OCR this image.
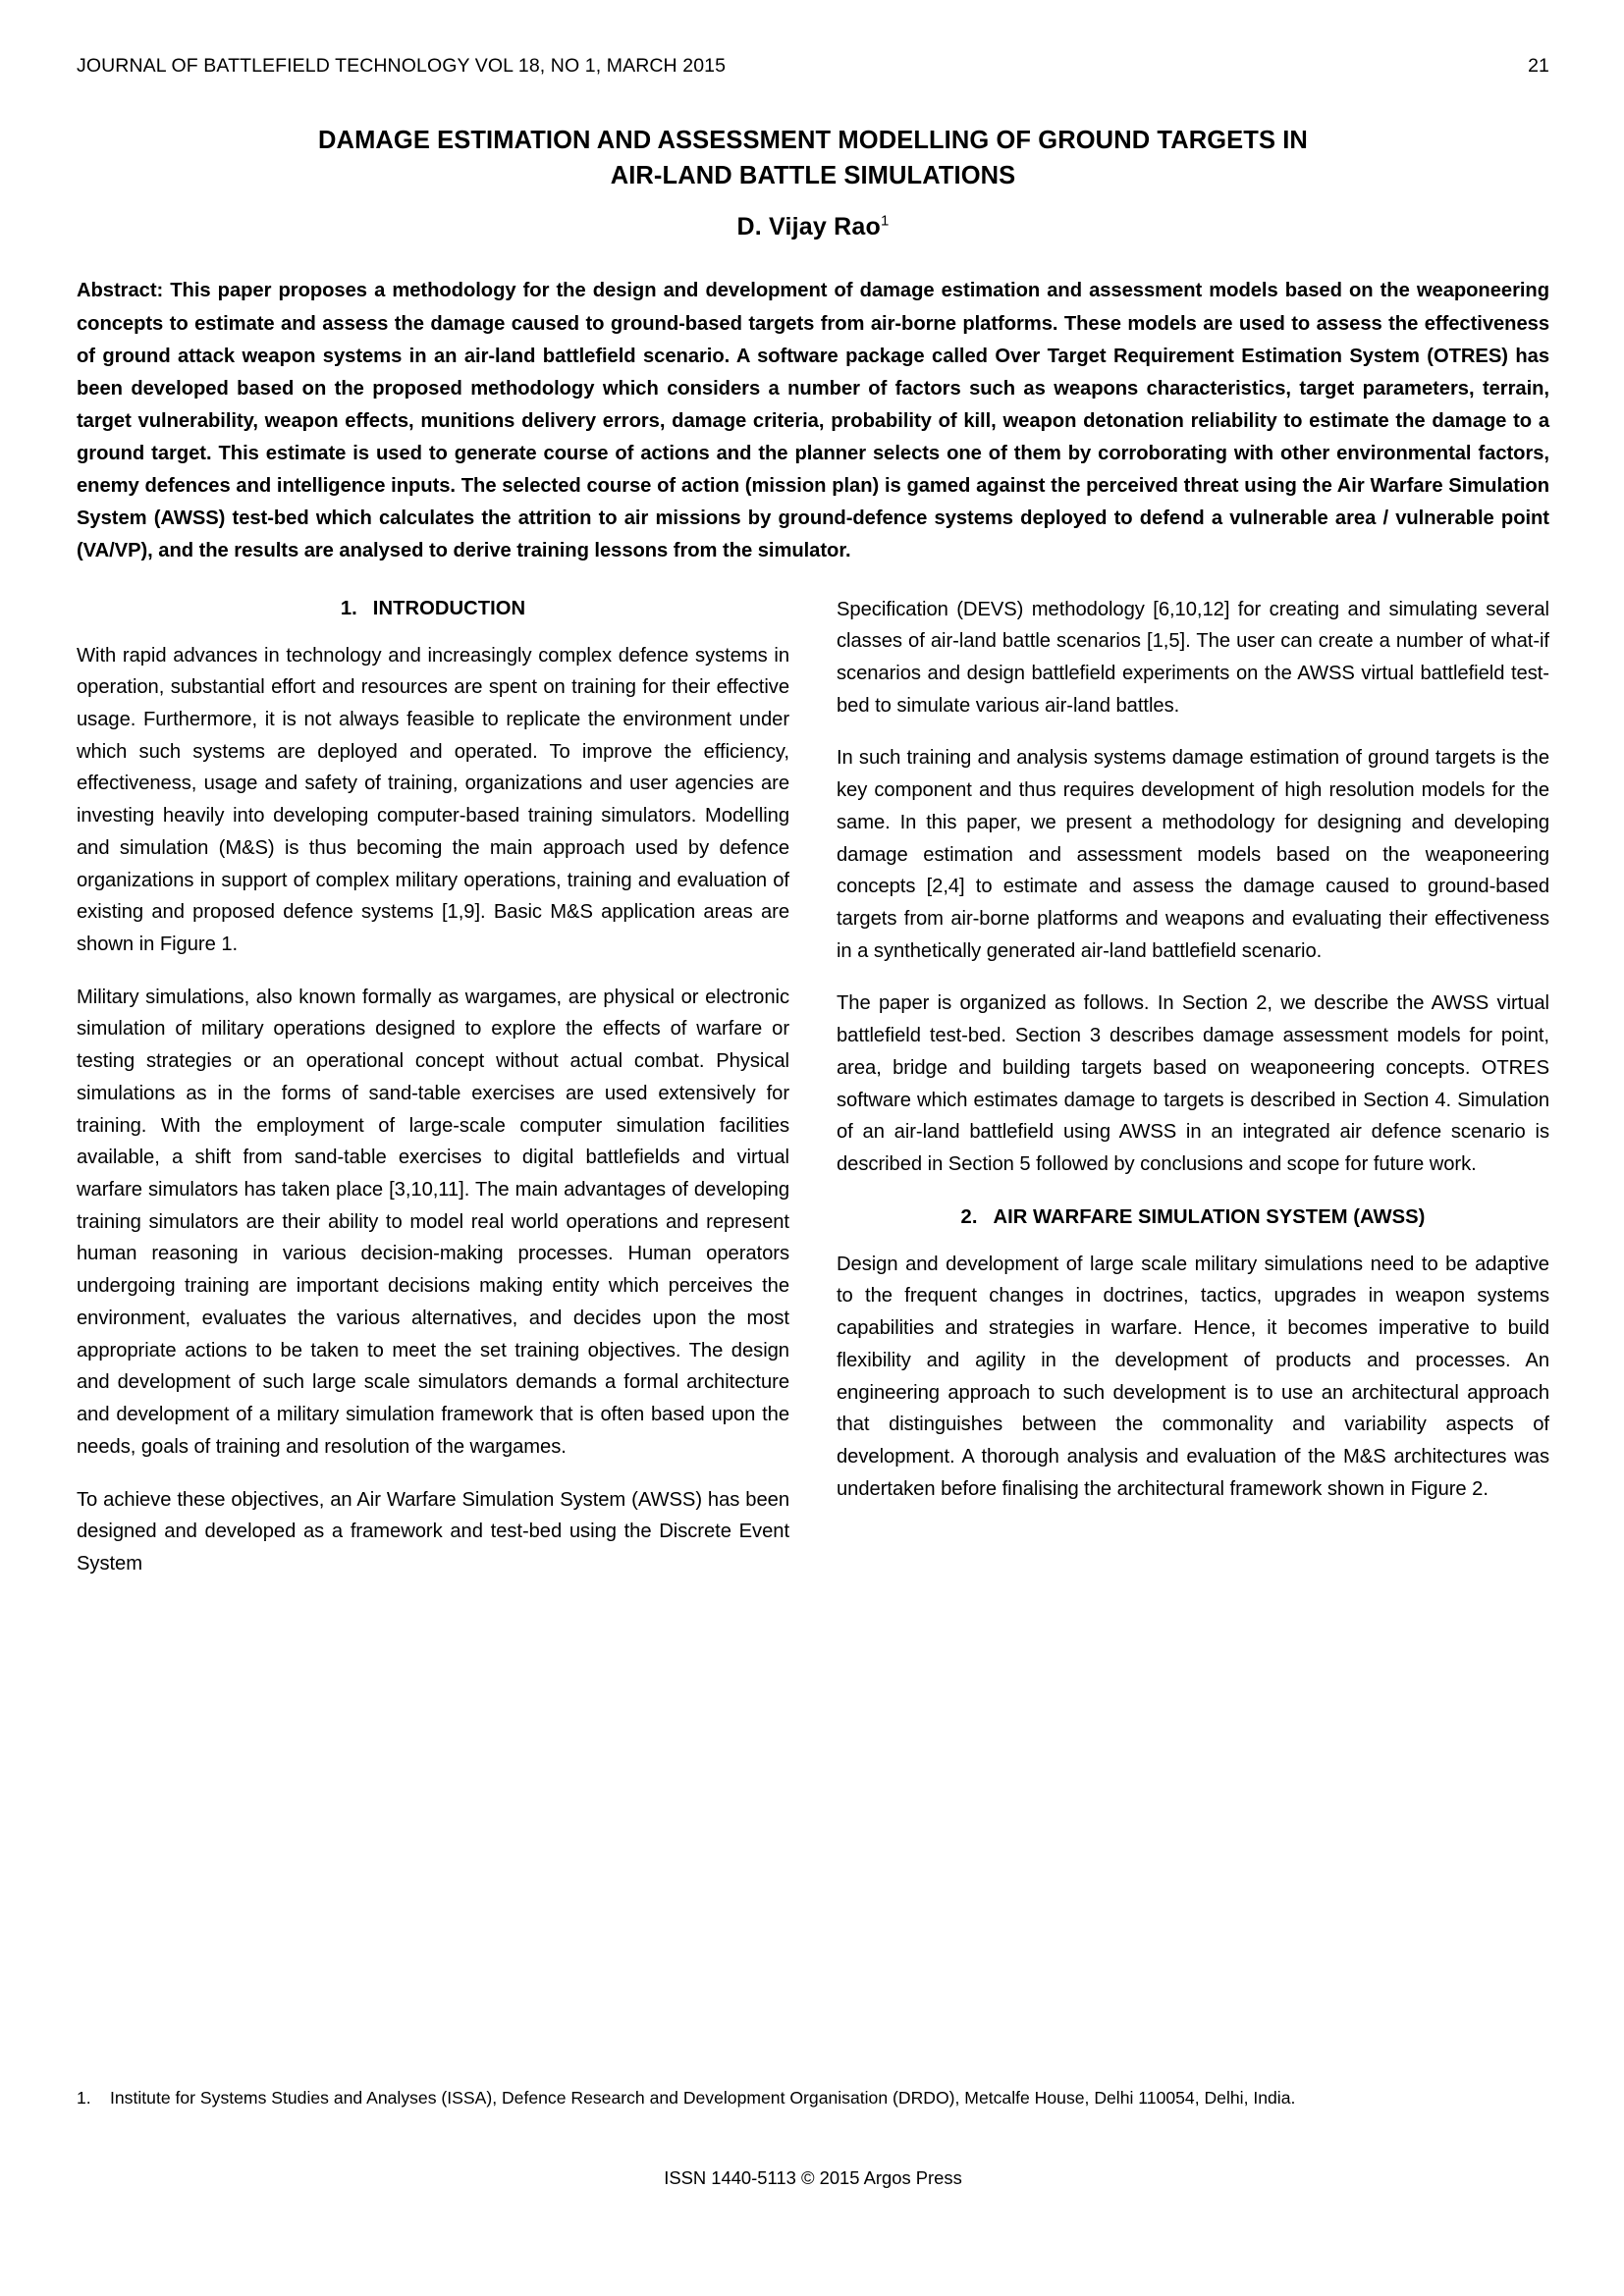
JOURNAL OF BATTLEFIELD TECHNOLOGY VOL 18, NO 1, MARCH 2015	21
DAMAGE ESTIMATION AND ASSESSMENT MODELLING OF GROUND TARGETS IN
AIR-LAND BATTLE SIMULATIONS
D. Vijay Rao$^1$
Abstract: This paper proposes a methodology for the design and development of damage estimation and assessment models based on the weaponeering concepts to estimate and assess the damage caused to ground-based targets from air-borne platforms. These models are used to assess the effectiveness of ground attack weapon systems in an air-land battlefield scenario. A software package called Over Target Requirement Estimation System (OTRES) has been developed based on the proposed methodology which considers a number of factors such as weapons characteristics, target parameters, terrain, target vulnerability, weapon effects, munitions delivery errors, damage criteria, probability of kill, weapon detonation reliability to estimate the damage to a ground target. This estimate is used to generate course of actions and the planner selects one of them by corroborating with other environmental factors, enemy defences and intelligence inputs. The selected course of action (mission plan) is gamed against the perceived threat using the Air Warfare Simulation System (AWSS) test-bed which calculates the attrition to air missions by ground-defence systems deployed to defend a vulnerable area / vulnerable point (VA/VP), and the results are analysed to derive training lessons from the simulator.
1. INTRODUCTION

With rapid advances in technology and increasingly complex defence systems in operation, substantial effort and resources are spent on training for their effective usage. Furthermore, it is not always feasible to replicate the environment under which such systems are deployed and operated. To improve the efficiency, effectiveness, usage and safety of training, organizations and user agencies are investing heavily into developing computer-based training simulators. Modelling and simulation (M&S) is thus becoming the main approach used by defence organizations in support of complex military operations, training and evaluation of existing and proposed defence systems [1,9]. Basic M&S application areas are shown in Figure 1.

Military simulations, also known formally as wargames, are physical or electronic simulation of military operations designed to explore the effects of warfare or testing strategies or an operational concept without actual combat. Physical simulations as in the forms of sand-table exercises are used extensively for training. With the employment of large-scale computer simulation facilities available, a shift from sand-table exercises to digital battlefields and virtual warfare simulators has taken place [3,10,11]. The main advantages of developing training simulators are their ability to model real world operations and represent human reasoning in various decision-making processes. Human operators undergoing training are important decisions making entity which perceives the environment, evaluates the various alternatives, and decides upon the most appropriate actions to be taken to meet the set training objectives. The design and development of such large scale simulators demands a formal architecture and development of a military simulation framework that is often based upon the needs, goals of training and resolution of the wargames.

To achieve these objectives, an Air Warfare Simulation System (AWSS) has been designed and developed as a framework and test-bed using the Discrete Event System

Specification (DEVS) methodology [6,10,12] for creating and simulating several classes of air-land battle scenarios [1,5]. The user can create a number of what-if scenarios and design battlefield experiments on the AWSS virtual battlefield test-bed to simulate various air-land battles.

In such training and analysis systems damage estimation of ground targets is the key component and thus requires development of high resolution models for the same. In this paper, we present a methodology for designing and developing damage estimation and assessment models based on the weaponeering concepts [2,4] to estimate and assess the damage caused to ground-based targets from air-borne platforms and weapons and evaluating their effectiveness in a synthetically generated air-land battlefield scenario.

The paper is organized as follows. In Section 2, we describe the AWSS virtual battlefield test-bed. Section 3 describes damage assessment models for point, area, bridge and building targets based on weaponeering concepts. OTRES software which estimates damage to targets is described in Section 4. Simulation of an air-land battlefield using AWSS in an integrated air defence scenario is described in Section 5 followed by conclusions and scope for future work.

2. AIR WARFARE SIMULATION SYSTEM (AWSS)

Design and development of large scale military simulations need to be adaptive to the frequent changes in doctrines, tactics, upgrades in weapon systems capabilities and strategies in warfare. Hence, it becomes imperative to build flexibility and agility in the development of products and processes. An engineering approach to such development is to use an architectural approach that distinguishes between the commonality and variability aspects of development. A thorough analysis and evaluation of the M&S architectures was undertaken before finalising the architectural framework shown in Figure 2.

1.	Institute for Systems Studies and Analyses (ISSA), Defence Research and Development Organisation (DRDO), Metcalfe House, Delhi 110054, Delhi, India.
ISSN 1440-5113 © 2015 Argos Press
